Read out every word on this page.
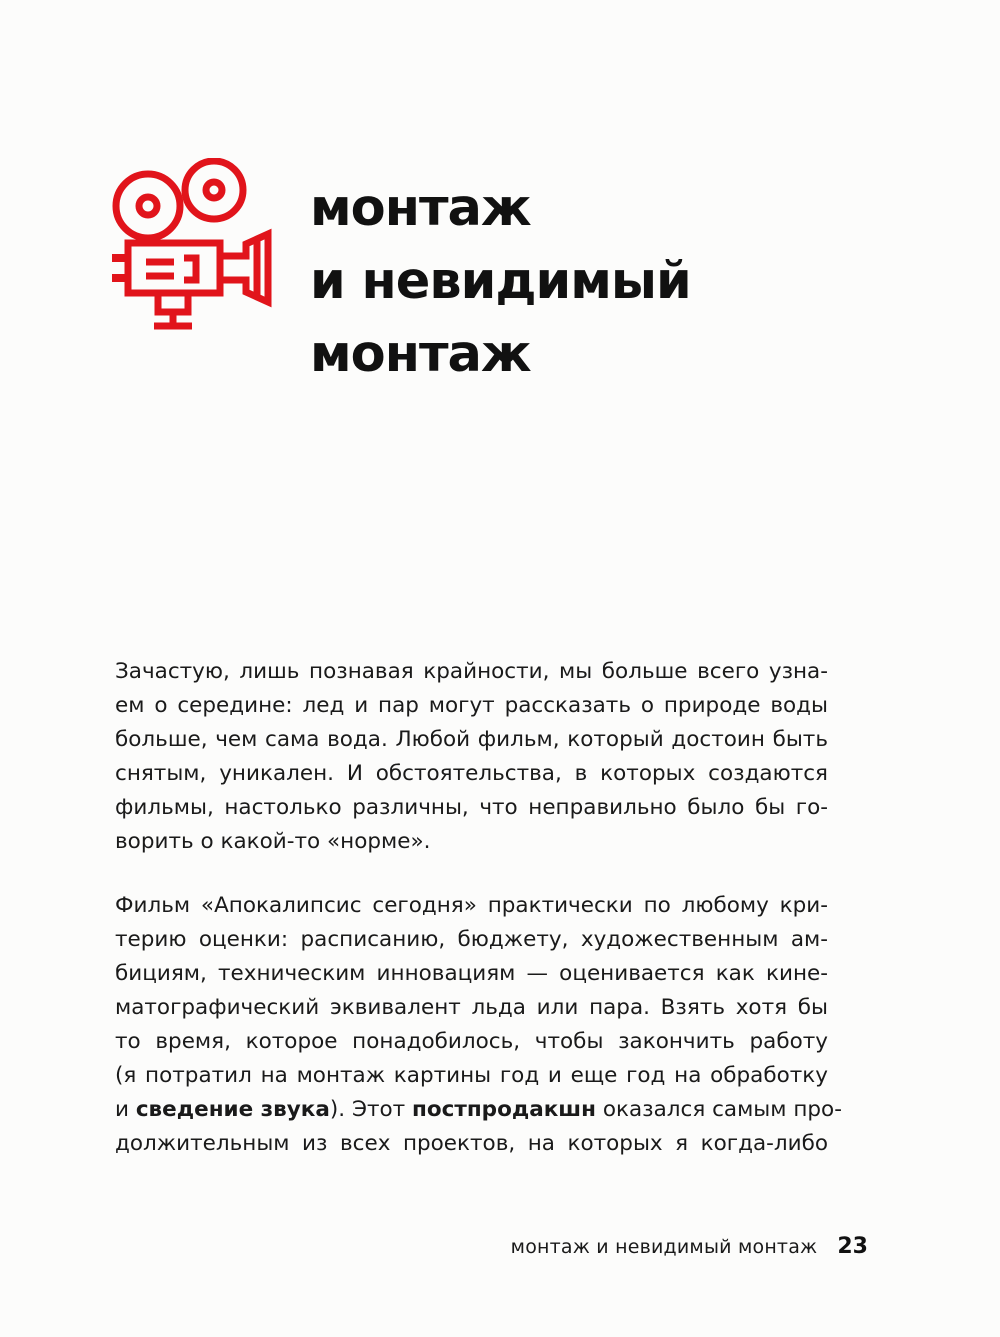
монтаж
и невидимый
монтаж
Зачастую, лишь познавая крайности, мы больше всего узна-
ем о середине: лед и пар могут рассказать о природе воды
больше, чем сама вода. Любой фильм, который достоин быть
снятым, уникален. И обстоятельства, в которых создаются
фильмы, настолько различны, что неправильно было бы го-
ворить о какой-то «норме».
Фильм «Апокалипсис сегодня» практически по любому кри-
терию оценки: расписанию, бюджету, художественным ам-
бициям, техническим инновациям — оценивается как кине-
матографический эквивалент льда или пара. Взять хотя бы
то время, которое понадобилось, чтобы закончить работу
(я потратил на монтаж картины год и еще год на обработку
и сведение звука). Этот постпродакшн оказался самым про-
должительным из всех проектов, на которых я когда-либо
монтаж и невидимый монтаж 23
